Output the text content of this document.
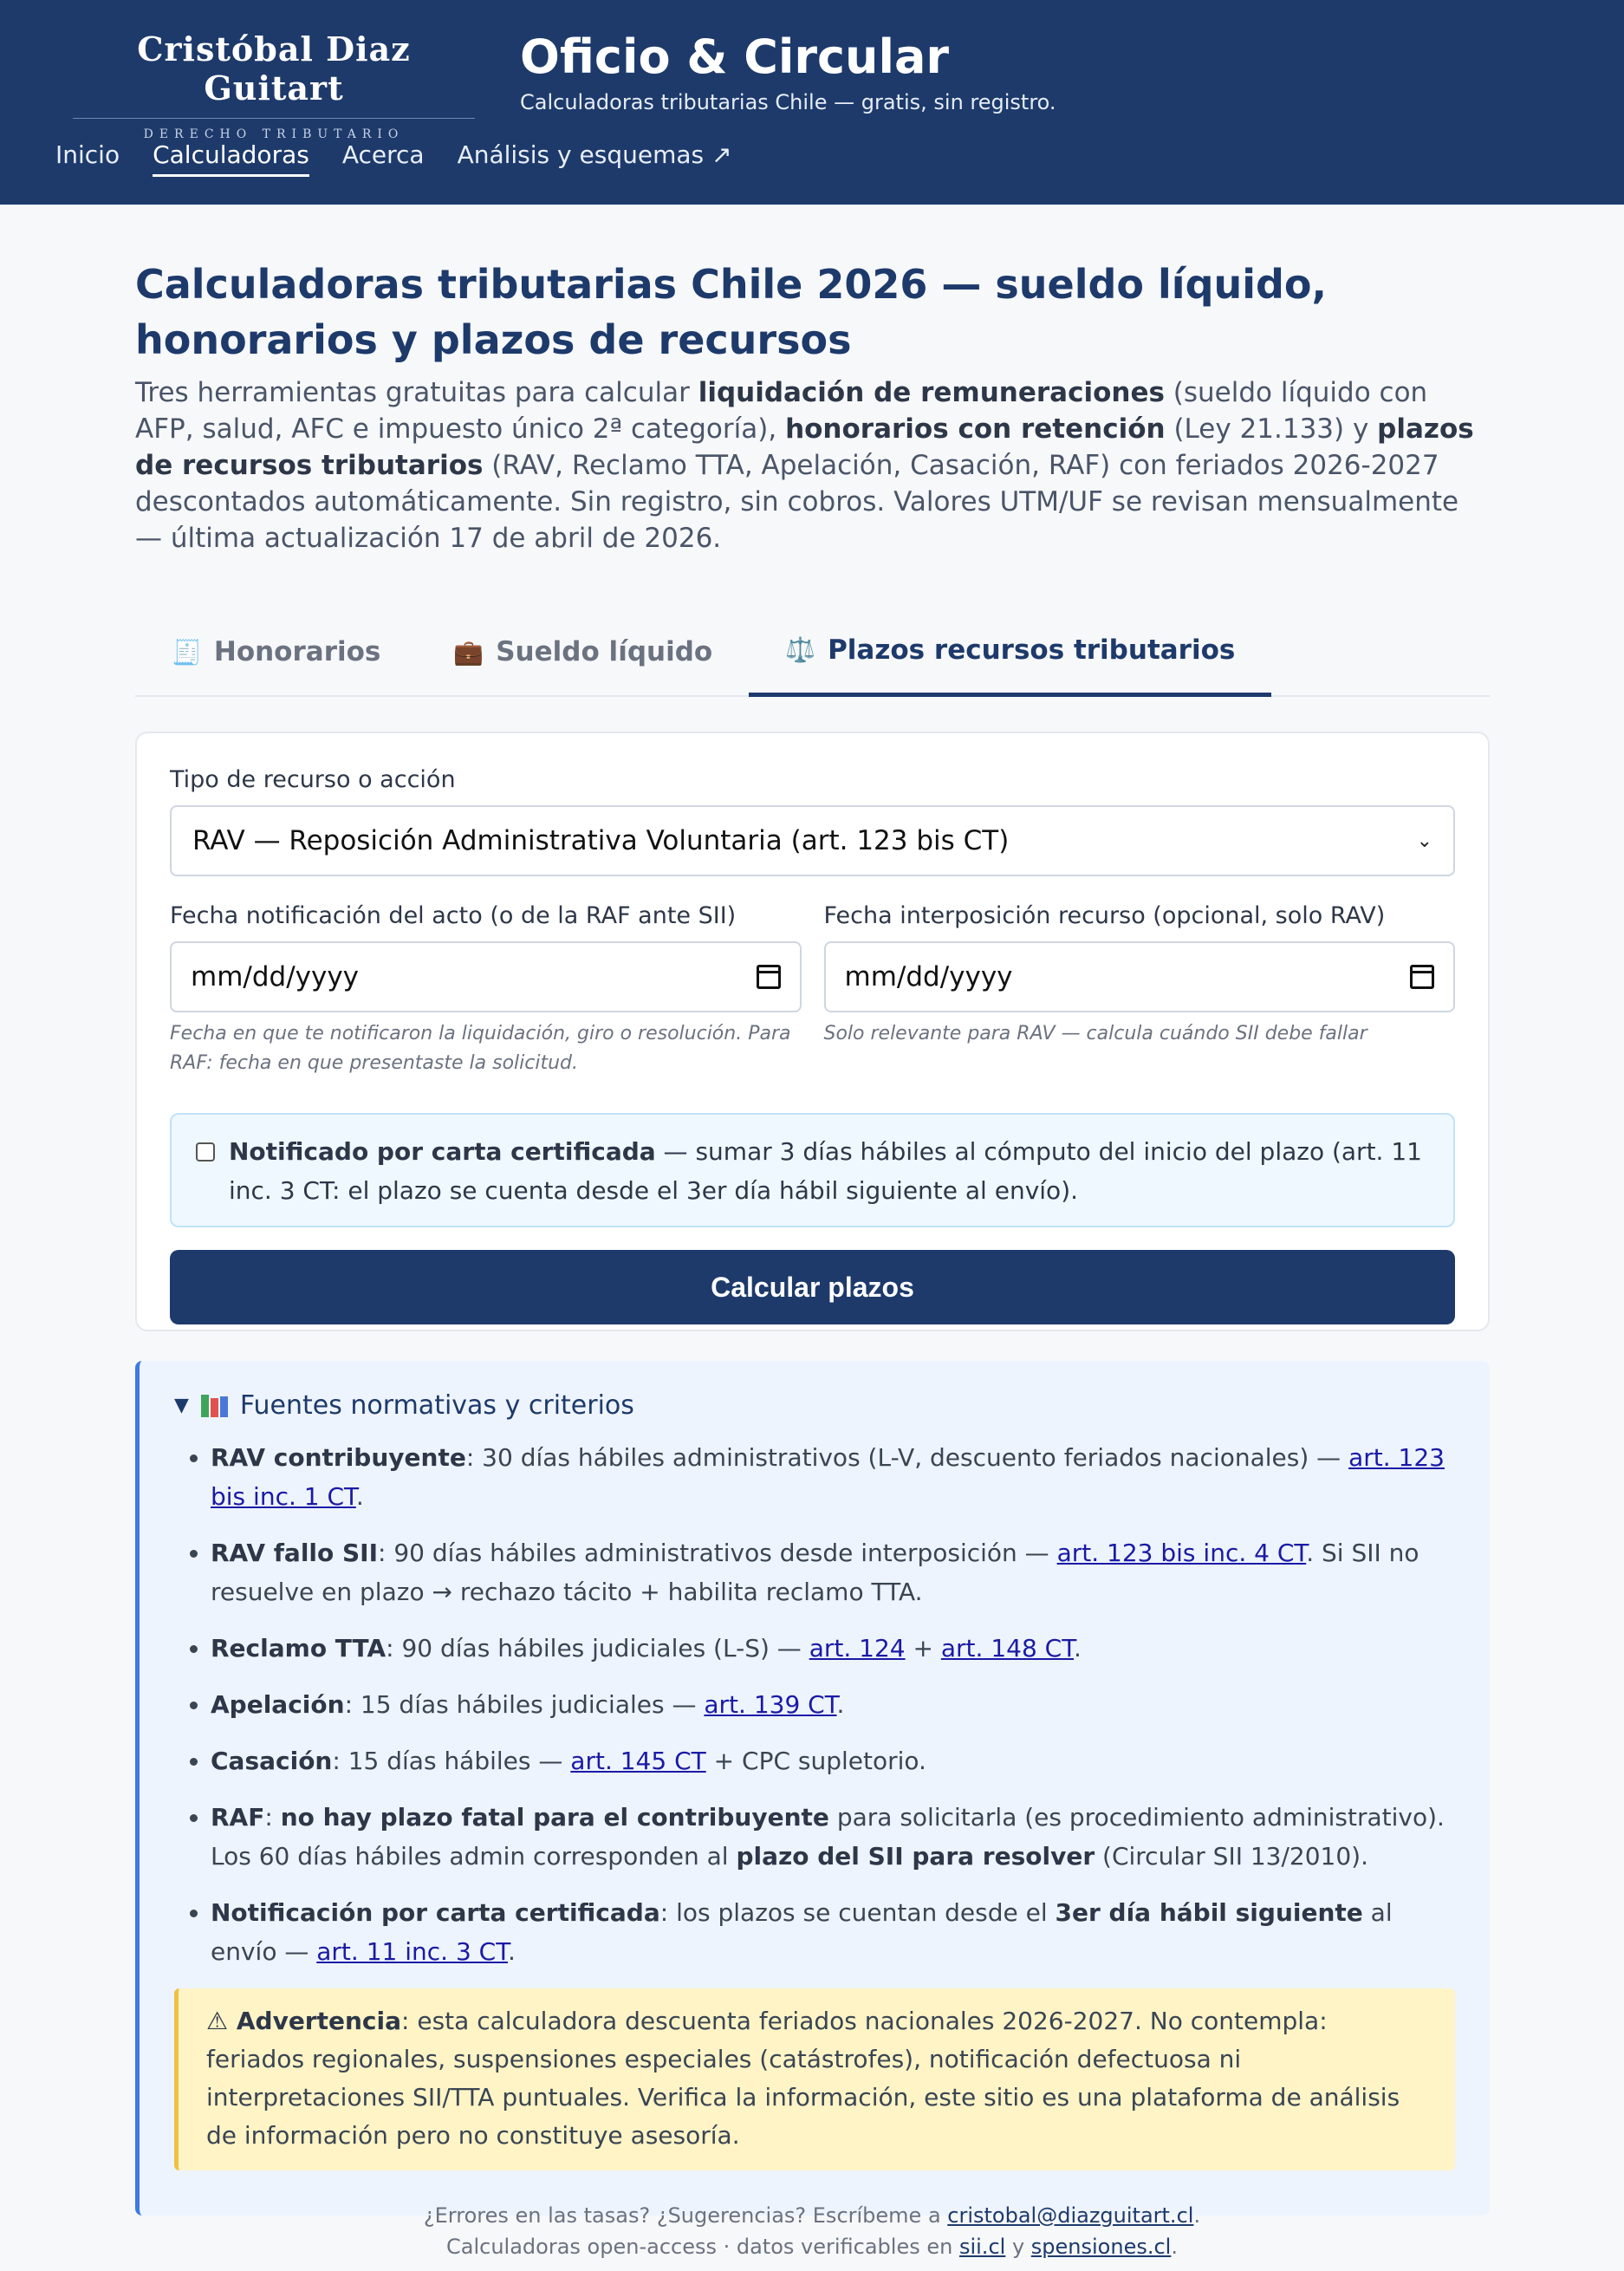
Cristóbal Diaz Guitart
DERECHO TRIBUTARIO
Oficio & Circular
Calculadoras tributarias Chile — gratis, sin registro.
Inicio Calculadoras Acerca Análisis y esquemas ↗
Calculadoras tributarias Chile 2026 — sueldo líquido, honorarios y plazos de recursos

Tres herramientas gratuitas para calcular liquidación de remuneraciones (sueldo líquido con AFP, salud, AFC e impuesto único 2ª categoría), honorarios con retención (Ley 21.133) y plazos de recursos tributarios (RAV, Reclamo TTA, Apelación, Casación, RAF) con feriados 2026-2027 descontados automáticamente. Sin registro, sin cobros. Valores UTM/UF se revisan mensualmente — última actualización 17 de abril de 2026.

🧾 Honorarios	💼 Sueldo líquido	⚖️ Plazos recursos tributarios
Tipo de recurso o acción
RAV — Reposición Administrativa Voluntaria (art. 123 bis CT)	⌄
Fecha notificación del acto (o de la RAF ante SII)
mm/dd/yyyy
Fecha en que te notificaron la liquidación, giro o resolución. Para RAF: fecha en que presentaste la solicitud.
Fecha interposición recurso (opcional, solo RAV)
mm/dd/yyyy
Solo relevante para RAV — calcula cuándo SII debe fallar
Notificado por carta certificada — sumar 3 días hábiles al cómputo del inicio del plazo (art. 11 inc. 3 CT: el plazo se cuenta desde el 3er día hábil siguiente al envío).
Calcular plazos
▼ Fuentes normativas y criterios
• RAV contribuyente: 30 días hábiles administrativos (L-V, descuento feriados nacionales) — art. 123 bis inc. 1 CT.
• RAV fallo SII: 90 días hábiles administrativos desde interposición — art. 123 bis inc. 4 CT. Si SII no resuelve en plazo → rechazo tácito + habilita reclamo TTA.
• Reclamo TTA: 90 días hábiles judiciales (L-S) — art. 124 + art. 148 CT.
• Apelación: 15 días hábiles judiciales — art. 139 CT.
• Casación: 15 días hábiles — art. 145 CT + CPC supletorio.
• RAF: no hay plazo fatal para el contribuyente para solicitarla (es procedimiento administrativo). Los 60 días hábiles admin corresponden al plazo del SII para resolver (Circular SII 13/2010).
• Notificación por carta certificada: los plazos se cuentan desde el 3er día hábil siguiente al envío — art. 11 inc. 3 CT.
⚠ Advertencia: esta calculadora descuenta feriados nacionales 2026-2027. No contempla: feriados regionales, suspensiones especiales (catástrofes), notificación defectuosa ni interpretaciones SII/TTA puntuales. Verifica la información, este sitio es una plataforma de análisis de información pero no constituye asesoría.
¿Errores en las tasas? ¿Sugerencias? Escríbeme a cristobal@diazguitart.cl.
Calculadoras open-access · datos verificables en sii.cl y spensiones.cl.
